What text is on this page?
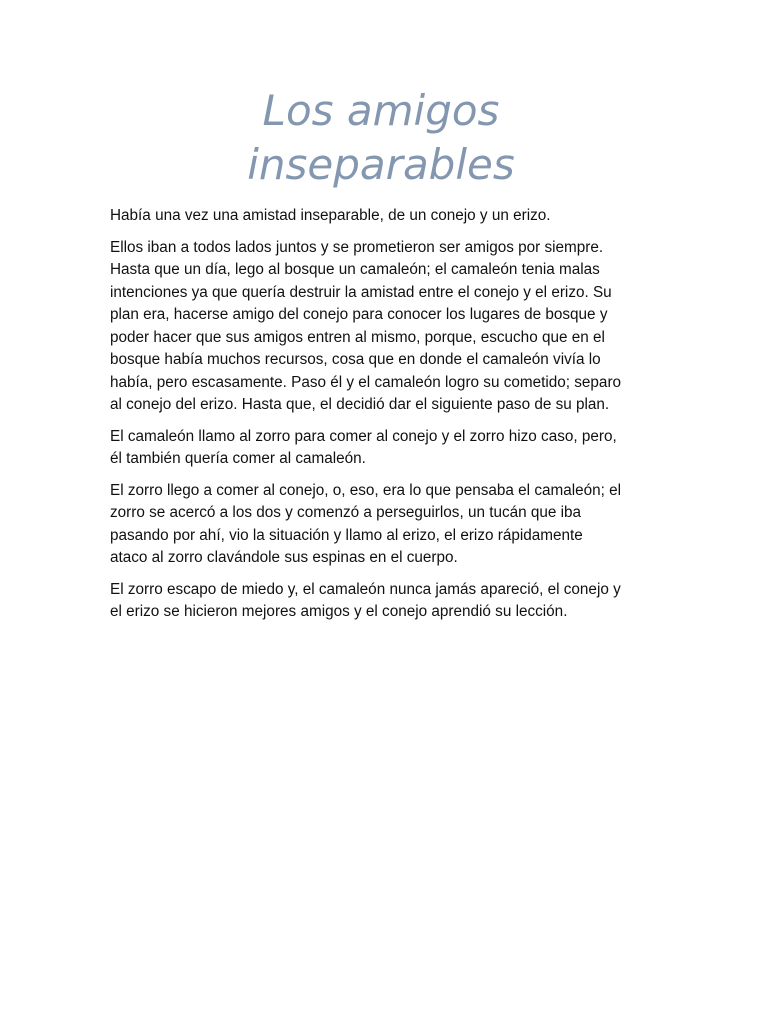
Los amigos
inseparables

Había una vez una amistad inseparable, de un conejo y un erizo.

Ellos iban a todos lados juntos y se prometieron ser amigos por siempre.
Hasta que un día, lego al bosque un camaleón; el camaleón tenia malas
intenciones ya que quería destruir la amistad entre el conejo y el erizo. Su
plan era, hacerse amigo del conejo para conocer los lugares de bosque y
poder hacer que sus amigos entren al mismo, porque, escucho que en el
bosque había muchos recursos, cosa que en donde el camaleón vivía lo
había, pero escasamente. Paso él y el camaleón logro su cometido; separo
al conejo del erizo. Hasta que, el decidió dar el siguiente paso de su plan.

El camaleón llamo al zorro para comer al conejo y el zorro hizo caso, pero,
él también quería comer al camaleón.

El zorro llego a comer al conejo, o, eso, era lo que pensaba el camaleón; el
zorro se acercó a los dos y comenzó a perseguirlos, un tucán que iba
pasando por ahí, vio la situación y llamo al erizo, el erizo rápidamente
ataco al zorro clavándole sus espinas en el cuerpo.

El zorro escapo de miedo y, el camaleón nunca jamás apareció, el conejo y
el erizo se hicieron mejores amigos y el conejo aprendió su lección.
